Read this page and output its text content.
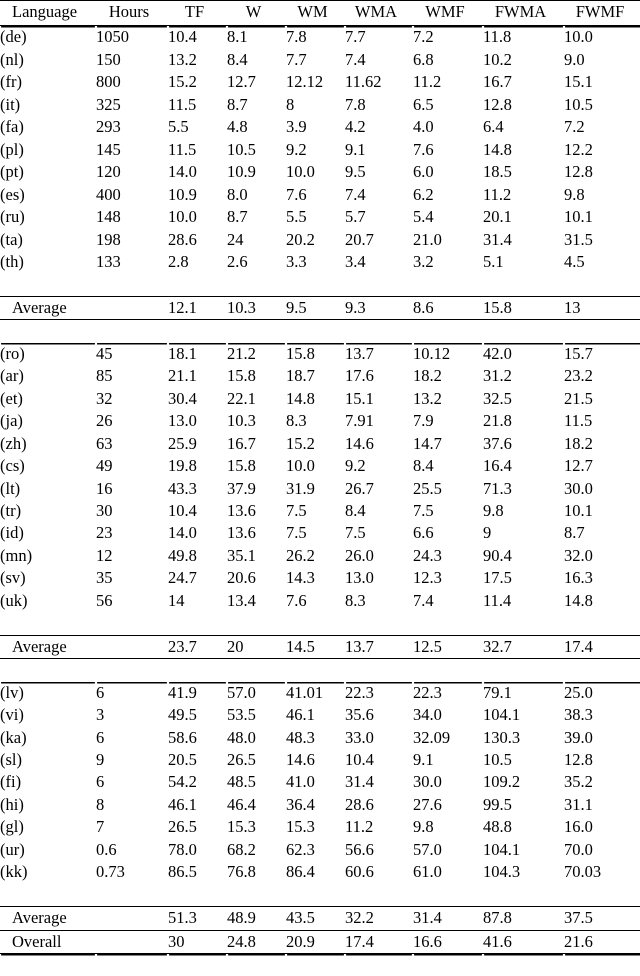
Language	Hours	TF	W	WM	WMA	WMF	FWMA	FWMF
(de)	1050	10.4	8.1	7.8	7.7	7.2	11.8	10.0
(nl)	150	13.2	8.4	7.7	7.4	6.8	10.2	9.0
(fr)	800	15.2	12.7	12.12	11.62	11.2	16.7	15.1
(it)	325	11.5	8.7	8	7.8	6.5	12.8	10.5
(fa)	293	5.5	4.8	3.9	4.2	4.0	6.4	7.2
(pl)	145	11.5	10.5	9.2	9.1	7.6	14.8	12.2
(pt)	120	14.0	10.9	10.0	9.5	6.0	18.5	12.8
(es)	400	10.9	8.0	7.6	7.4	6.2	11.2	9.8
(ru)	148	10.0	8.7	5.5	5.7	5.4	20.1	10.1
(ta)	198	28.6	24	20.2	20.7	21.0	31.4	31.5
(th)	133	2.8	2.6	3.3	3.4	3.2	5.1	4.5

Average		12.1	10.3	9.5	9.3	8.6	15.8	13

(ro)	45	18.1	21.2	15.8	13.7	10.12	42.0	15.7
(ar)	85	21.1	15.8	18.7	17.6	18.2	31.2	23.2
(et)	32	30.4	22.1	14.8	15.1	13.2	32.5	21.5
(ja)	26	13.0	10.3	8.3	7.91	7.9	21.8	11.5
(zh)	63	25.9	16.7	15.2	14.6	14.7	37.6	18.2
(cs)	49	19.8	15.8	10.0	9.2	8.4	16.4	12.7
(lt)	16	43.3	37.9	31.9	26.7	25.5	71.3	30.0
(tr)	30	10.4	13.6	7.5	8.4	7.5	9.8	10.1
(id)	23	14.0	13.6	7.5	7.5	6.6	9	8.7
(mn)	12	49.8	35.1	26.2	26.0	24.3	90.4	32.0
(sv)	35	24.7	20.6	14.3	13.0	12.3	17.5	16.3
(uk)	56	14	13.4	7.6	8.3	7.4	11.4	14.8

Average		23.7	20	14.5	13.7	12.5	32.7	17.4

(lv)	6	41.9	57.0	41.01	22.3	22.3	79.1	25.0
(vi)	3	49.5	53.5	46.1	35.6	34.0	104.1	38.3
(ka)	6	58.6	48.0	48.3	33.0	32.09	130.3	39.0
(sl)	9	20.5	26.5	14.6	10.4	9.1	10.5	12.8
(fi)	6	54.2	48.5	41.0	31.4	30.0	109.2	35.2
(hi)	8	46.1	46.4	36.4	28.6	27.6	99.5	31.1
(gl)	7	26.5	15.3	15.3	11.2	9.8	48.8	16.0
(ur)	0.6	78.0	68.2	62.3	56.6	57.0	104.1	70.0
(kk)	0.73	86.5	76.8	86.4	60.6	61.0	104.3	70.03

Average		51.3	48.9	43.5	32.2	31.4	87.8	37.5
Overall		30	24.8	20.9	17.4	16.6	41.6	21.6
